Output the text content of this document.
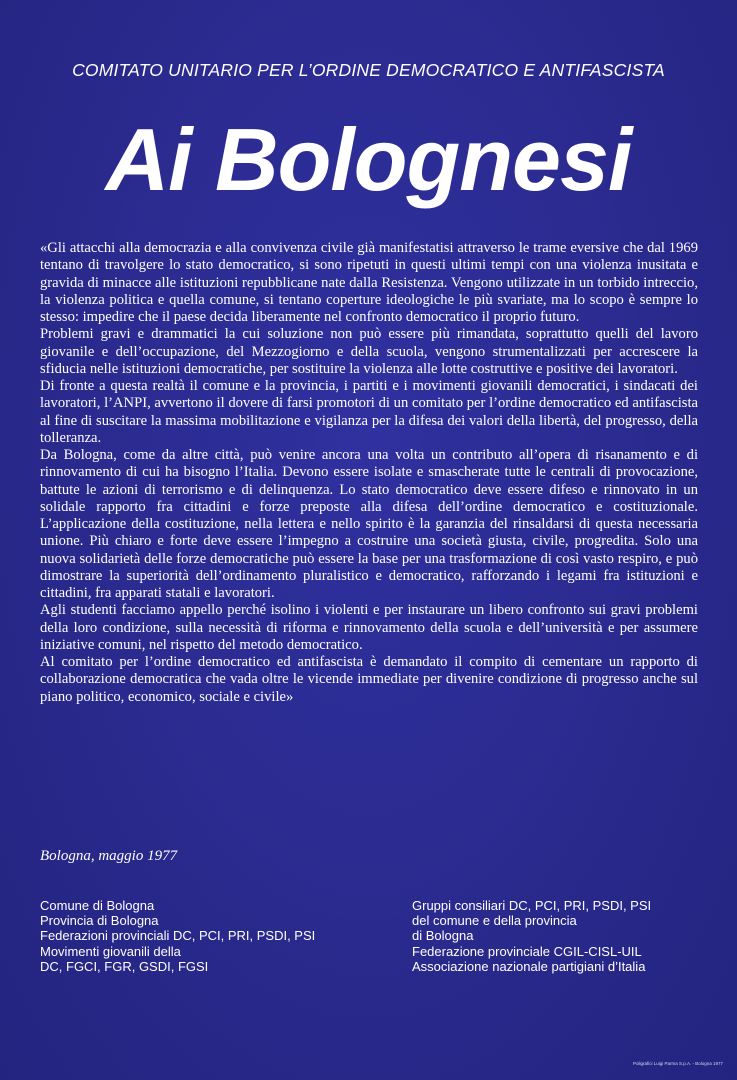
COMITATO UNITARIO PER L’ORDINE DEMOCRATICO E ANTIFASCISTA
Ai Bolognesi

«Gli attacchi alla democrazia e alla convivenza civile già manifestatisi attraverso le trame eversive che dal 1969 tentano di travolgere lo stato democratico, si sono ripetuti in questi ultimi tempi con una violenza inusitata e gravida di minacce alle istituzioni repubblicane nate dalla Resistenza. Vengono utilizzate in un torbido intreccio, la violenza politica e quella comune, si tentano coperture ideologiche le più svariate, ma lo scopo è sempre lo stesso: impedire che il paese decida liberamente nel confronto democratico il proprio futuro.

Problemi gravi e drammatici la cui soluzione non può essere più rimandata, soprattutto quelli del lavoro giovanile e dell’occupazione, del Mezzogiorno e della scuola, vengono strumentalizzati per accrescere la sfiducia nelle istituzioni democratiche, per sostituire la violenza alle lotte costruttive e positive dei lavoratori.

Di fronte a questa realtà il comune e la provincia, i partiti e i movimenti giovanili democratici, i sindacati dei lavoratori, l’ANPI, avvertono il dovere di farsi promotori di un comitato per l’ordine democratico ed antifascista al fine di suscitare la massima mobilitazione e vigilanza per la difesa dei valori della libertà, del progresso, della tolleranza.

Da Bologna, come da altre città, può venire ancora una volta un contributo all’opera di risanamento e di rinnovamento di cui ha bisogno l’Italia. Devono essere isolate e smascherate tutte le centrali di provocazione, battute le azioni di terrorismo e di delinquenza. Lo stato democratico deve essere difeso e rinnovato in un solidale rapporto fra cittadini e forze preposte alla difesa dell’ordine democratico e costituzionale. L’applicazione della costituzione, nella lettera e nello spirito è la garanzia del rinsaldarsi di questa necessaria unione. Più chiaro e forte deve essere l’impegno a costruire una società giusta, civile, progredita. Solo una nuova solidarietà delle forze democratiche può essere la base per una trasformazione di così vasto respiro, e può dimostrare la superiorità dell’ordinamento pluralistico e democratico, rafforzando i legami fra istituzioni e cittadini, fra apparati statali e lavoratori.

Agli studenti facciamo appello perché isolino i violenti e per instaurare un libero confronto sui gravi problemi della loro condizione, sulla necessità di riforma e rinnovamento della scuola e dell’università e per assumere iniziative comuni, nel rispetto del metodo democratico.

Al comitato per l’ordine democratico ed antifascista è demandato il compito di cementare un rapporto di collaborazione democratica che vada oltre le vicende immediate per divenire condizione di progresso anche sul piano politico, economico, sociale e civile»

Bologna, maggio 1977
Comune di Bologna
Provincia di Bologna
Federazioni provinciali DC, PCI, PRI, PSDI, PSI
Movimenti giovanili della
DC, FGCI, FGR, GSDI, FGSI
Gruppi consiliari DC, PCI, PRI, PSDI, PSI
del comune e della provincia
di Bologna
Federazione provinciale CGIL-CISL-UIL
Associazione nazionale partigiani d’Italia
Poligrafici Luigi Parma S.p.A. - Bologna 1977
